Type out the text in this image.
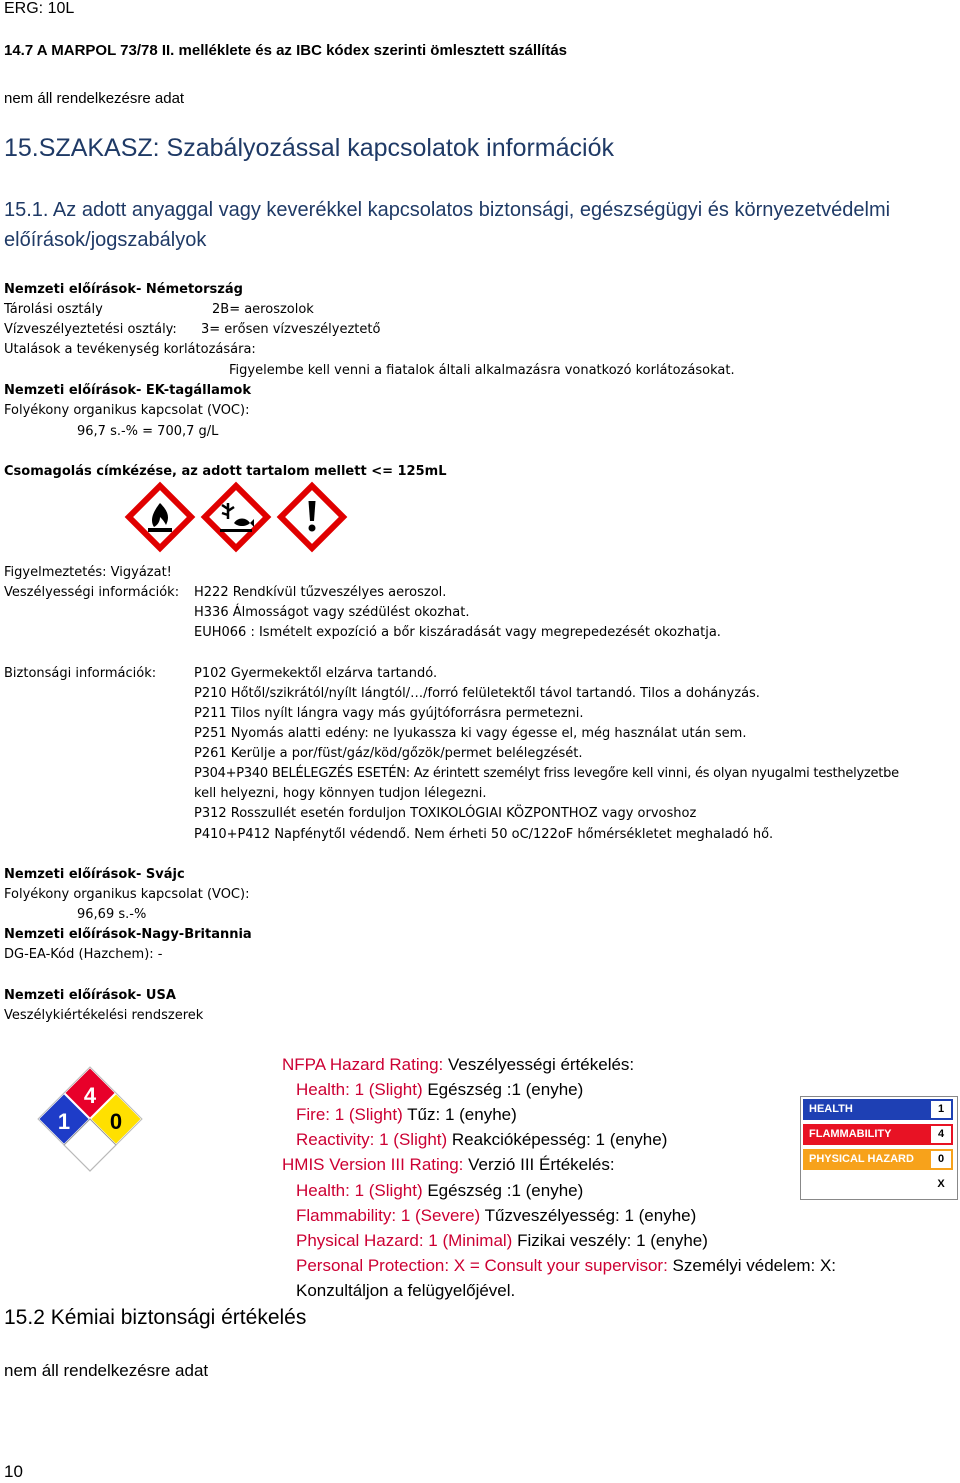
ERG: 10L
14.7 A MARPOL 73/78 II. melléklete és az IBC kódex szerinti ömlesztett szállítás
nem áll rendelkezésre adat
15.SZAKASZ: Szabályozással kapcsolatok információk
15.1. Az adott anyaggal vagy keverékkel kapcsolatos biztonsági, egészségügyi és környezetvédelmi előírások/jogszabályok
Nemzeti előírások- Németország
Tárolási osztály	2B= aeroszolok
Vízveszélyeztetési osztály: 3= erősen vízveszélyeztető
Utalások a tevékenység korlátozására:
Figyelembe kell venni a fiatalok általi alkalmazásra vonatkozó korlátozásokat.
Nemzeti előírások- EK-tagállamok
Folyékony organikus kapcsolat (VOC):
96,7 s.-% = 700,7 g/L
Csomagolás címkézése, az adott tartalom mellett <= 125mL
Figyelmeztetés: Vigyázat!
Veszélyességi információk: H222 Rendkívül tűzveszélyes aeroszol.
H336 Álmosságot vagy szédülést okozhat.
EUH066 : Ismételt expozíció a bőr kiszáradását vagy megrepedezését okozhatja.
Biztonsági információk:	P102 Gyermekektől elzárva tartandó.
P210 Hőtől/szikrától/nyílt lángtól/…/forró felületektől távol tartandó. Tilos a dohányzás.
P211 Tilos nyílt lángra vagy más gyújtóforrásra permetezni.
P251 Nyomás alatti edény: ne lyukassza ki vagy égesse el, még használat után sem.
P261 Kerülje a por/füst/gáz/köd/gőzök/permet belélegzését.
P304+P340 BELÉLEGZÉS ESETÉN: Az érintett személyt friss levegőre kell vinni, és olyan nyugalmi testhelyzetbe
kell helyezni, hogy könnyen tudjon lélegezni.
P312 Rosszullét esetén forduljon TOXIKOLÓGIAI KÖZPONTHOZ vagy orvoshoz
P410+P412 Napfénytől védendő. Nem érheti 50 oC/122oF hőmérsékletet meghaladó hő.
Nemzeti előírások- Svájc
Folyékony organikus kapcsolat (VOC):
96,69 s.-%
Nemzeti előírások-Nagy-Britannia
DG-EA-Kód (Hazchem): -
Nemzeti előírások- USA
Veszélykiértékelési rendszerek
4
1 0
NFPA Hazard Rating: Veszélyességi értékelés:
Health: 1 (Slight) Egészség :1 (enyhe)
Fire: 1 (Slight) Tűz: 1 (enyhe)
Reactivity: 1 (Slight) Reakcióképesség: 1 (enyhe)
HMIS Version III Rating: Verzió III Értékelés:
Health: 1 (Slight) Egészség :1 (enyhe)
Flammability: 1 (Severe) Tűzveszélyesség: 1 (enyhe)
Physical Hazard: 1 (Minimal) Fizikai veszély: 1 (enyhe)
Personal Protection: X = Consult your supervisor: Személyi védelem: X:
Konzultáljon a felügyelőjével.
HEALTH	1
FLAMMABILITY	4
PHYSICAL HAZARD	0
X
15.2 Kémiai biztonsági értékelés
nem áll rendelkezésre adat
10
